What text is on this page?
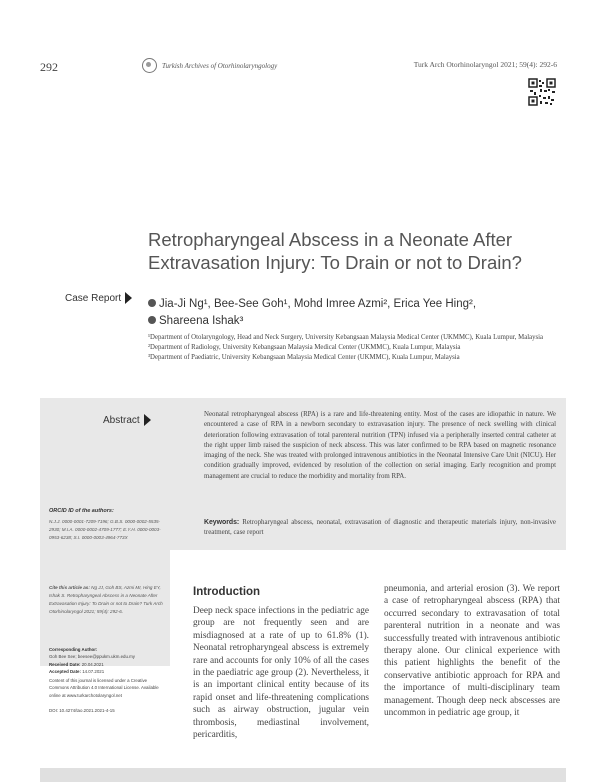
292	Turkish Archives of Otorhinolaryngology	Turk Arch Otorhinolaryngol 2021; 59(4): 292-6
Retropharyngeal Abscess in a Neonate After Extravasation Injury: To Drain or not to Drain?
Case Report	Jia-Ji Ng¹, Bee-See Goh¹, Mohd Imree Azmi², Erica Yee Hing²,
Shareena Ishak³

¹Department of Otolaryngology, Head and Neck Surgery, University Kebangsaan Malaysia Medical Center (UKMMC), Kuala Lumpur, Malaysia

²Department of Radiology, University Kebangsaan Malaysia Medical Center (UKMMC), Kuala Lumpur, Malaysia

³Department of Paediatric, University Kebangsaan Malaysia Medical Center (UKMMC), Kuala Lumpur, Malaysia

Abstract	Neonatal retropharyngeal abscess (RPA) is a rare and life-threatening entity. Most of the cases are idiopathic in nature. We encountered a case of RPA in a newborn secondary to extravasation injury. The presence of neck swelling with clinical deterioration following extravasation of total parenteral nutrition (TPN) infused via a peripherally inserted central catheter at the right upper limb raised the suspicion of neck abscess. This was later confirmed to be RPA based on magnetic resonance imaging of the neck. She was treated with prolonged intravenous antibiotics in the Neonatal Intensive Care Unit (NICU). Her condition gradually improved, evidenced by resolution of the collection on serial imaging. Early recognition and prompt management are crucial to reduce the morbidity and mortality from RPA.

Keywords: Retropharyngeal abscess, neonatal, extravasation of diagnostic and therapeutic materials injury, non-invasive treatment, case report

ORCID ID of the authors:

N.J.J. 0000-0001-7209-7196; G.B.S. 0000-0002-5535-2930; M.I.A. 0000-0002-4709-1777; E.Y.H. 0000-0003-0953-6238; S.I. 0000-0003-4964-773X

Cite this article as: Ng JJ, Goh BS, Azmi MI, Hing EY, Ishak S. Retropharyngeal Abscess in a Neonate After Extravasation Injury: To Drain or not to Drain? Turk Arch Otorhinolaryngol 2021; 59(4): 292-6.

Corresponding Author:

Goh Bee See; beesee@ppukm.ukm.edu.my

Received Date: 20.04.2021

Accepted Date: 14.07.2021

Content of this journal is licensed under a Creative Commons Attribution 4.0 International License. Available online at www.turkarchotolaryngol.net

DOI: 10.4274/tao.2021.2021-4-15

Introduction

Deep neck space infections in the pediatric age group are not frequently seen and are misdiagnosed at a rate of up to 61.8% (1). Neonatal retropharyngeal abscess is extremely rare and accounts for only 10% of all the cases in the paediatric age group (2). Nevertheless, it is an important clinical entity because of its rapid onset and life-threatening complications such as airway obstruction, jugular vein thrombosis, mediastinal involvement, pericarditis,

pneumonia, and arterial erosion (3). We report a case of retropharyngeal abscess (RPA) that occurred secondary to extravasation of total parenteral nutrition in a neonate and was successfully treated with intravenous antibiotic therapy alone. Our clinical experience with this patient highlights the benefit of the conservative antibiotic approach for RPA and the importance of multi-disciplinary team management. Though deep neck abscesses are uncommon in pediatric age group, it
